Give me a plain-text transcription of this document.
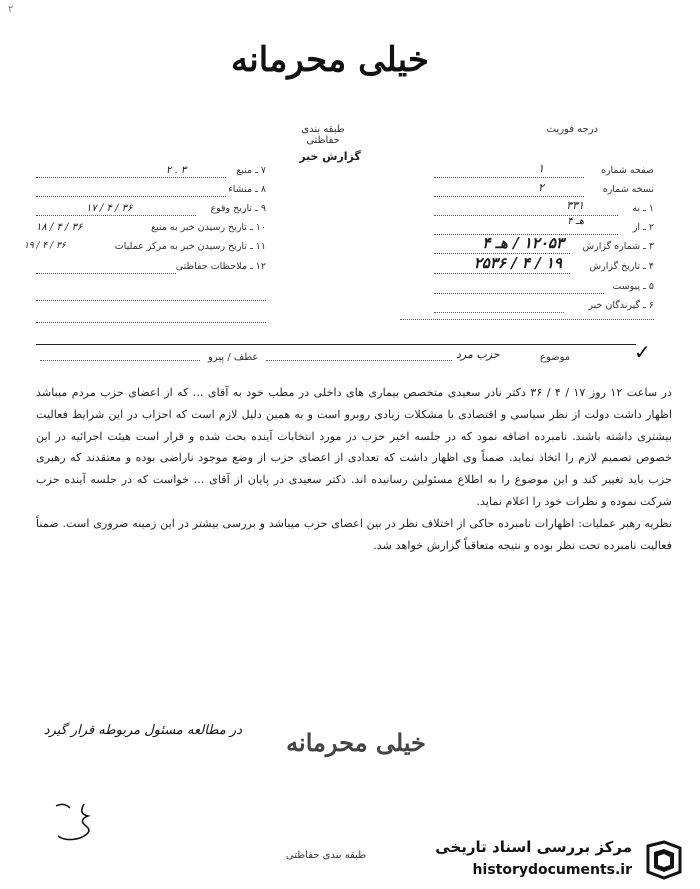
۲
خیلی محرمانه
طبقه بندی حفاظتی
گزارش خبر
درجه فوریت
صفحه شماره
۱
نسخه شماره
۲
۱ ـ به
۳۳۱
۲ ـ از
هـ ۴
۳ ـ شماره گزارش
۱۲۰۵۳ / هـ ۴
۴ ـ تاریخ گزارش
۱۹ / ۴ / ۲۵۳۶
۵ ـ پیوست
۶ ـ گیرندگان خبر
۷ ـ منبع
۲ . ۳
۸ ـ منشاء
۹ ـ تاریخ وقوع
۱۷ / ۴ / ۳۶
۱۰ ـ تاریخ رسیدن خبر به منبع
۱۸ / ۴ / ۳۶
۱۱ ـ تاریخ رسیدن خبر به مرکز عملیات
۱۹ / ۴ / ۳۶
۱۲ ـ ملاحظات حفاظتی
✓
موضوع
حزب مرد
عطف / پیرو

در ساعت ۱۲ روز ۱۷ / ۴ / ۳۶ دکتر نادر سعیدی متخصص بیماری های داخلی در مطب خود به آقای ... که از اعضای حزب مردم میباشد اظهار داشت دولت از نظر سیاسی و اقتصادی با مشکلات زیادی روبرو است و به همین دلیل لازم است که احزاب در این شرایط فعالیت بیشتری داشته باشند. نامبرده اضافه نمود که در جلسه اخیر حزب در مورد انتخابات آینده بحث شده و قرار است هیئت اجرائیه در این خصوص تصمیم لازم را اتخاذ نماید. ضمناً وی اظهار داشت که تعدادی از اعضای حزب از وضع موجود ناراضی بوده و معتقدند که رهبری حزب باید تغییر کند و این موضوع را به اطلاع مسئولین رسانیده اند. دکتر سعیدی در پایان از آقای ... خواست که در جلسه آینده حزب شرکت نموده و نظرات خود را اعلام نماید.

نظریه رهبر عملیات: اظهارات نامبرده حاکی از اختلاف نظر در بین اعضای حزب میباشد و بررسی بیشتر در این زمینه ضروری است. ضمناً فعالیت نامبرده تحت نظر بوده و نتیجه متعاقباً گزارش خواهد شد.

خیلی محرمانه
در مطالعه مسئول مربوطه قرار گیرد
طبقه بندی حفاظتی	مرکز بررسی اسناد تاریخی
historydocuments.ir
